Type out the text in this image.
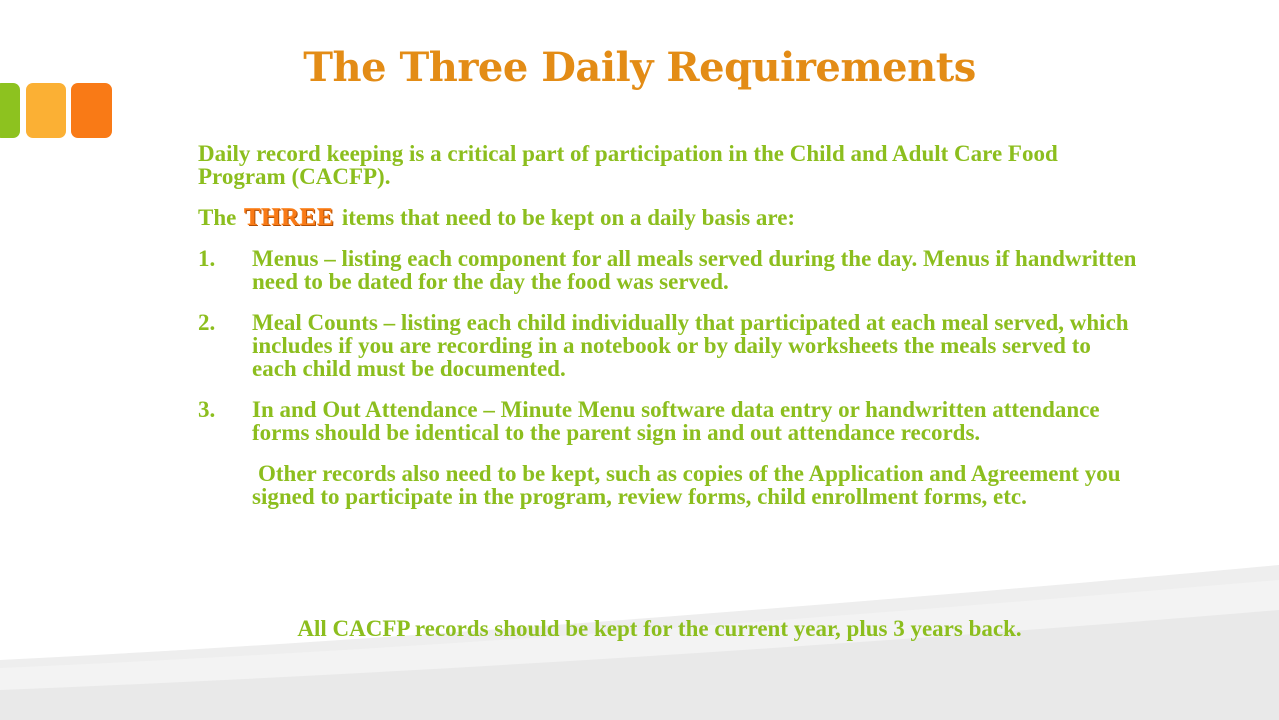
The Three Daily Requirements

Daily record keeping is a critical part of participation in the Child and Adult Care Food Program (CACFP).

The THREE items that need to be kept on a daily basis are:

1. Menus – listing each component for all meals served during the day. Menus if handwritten need to be dated for the day the food was served.
2. Meal Counts – listing each child individually that participated at each meal served, which includes if you are recording in a notebook or by daily worksheets the meals served to each child must be documented.
3. In and Out Attendance – Minute Menu software data entry or handwritten attendance forms should be identical to the parent sign in and out attendance records.

Other records also need to be kept, such as copies of the Application and Agreement you signed to participate in the program, review forms, child enrollment forms, etc.

All CACFP records should be kept for the current year, plus 3 years back.
